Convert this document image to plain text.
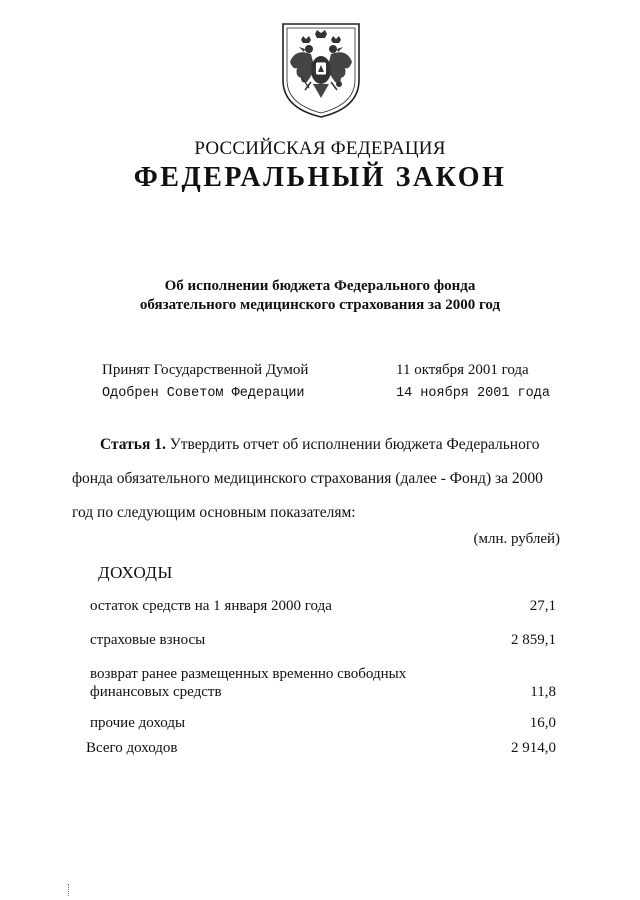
РОССИЙСКАЯ ФЕДЕРАЦИЯ
ФЕДЕРАЛЬНЫЙ ЗАКОН
Об исполнении бюджета Федерального фонда
обязательного медицинского страхования за 2000 год
Принят Государственной Думой	11 октября 2001 года
Одобрен Советом Федерации	14 ноября 2001 года
Статья 1. Утвердить отчет об исполнении бюджета Федерального фонда обязательного медицинского страхования (далее - Фонд) за 2000 год по следующим основным показателям:
(млн. рублей)
ДОХОДЫ
остаток средств на 1 января 2000 года	27,1
страховые взносы	2 859,1
возврат ранее размещенных временно свободных финансовых средств	11,8
прочие доходы	16,0
Всего доходов	2 914,0
